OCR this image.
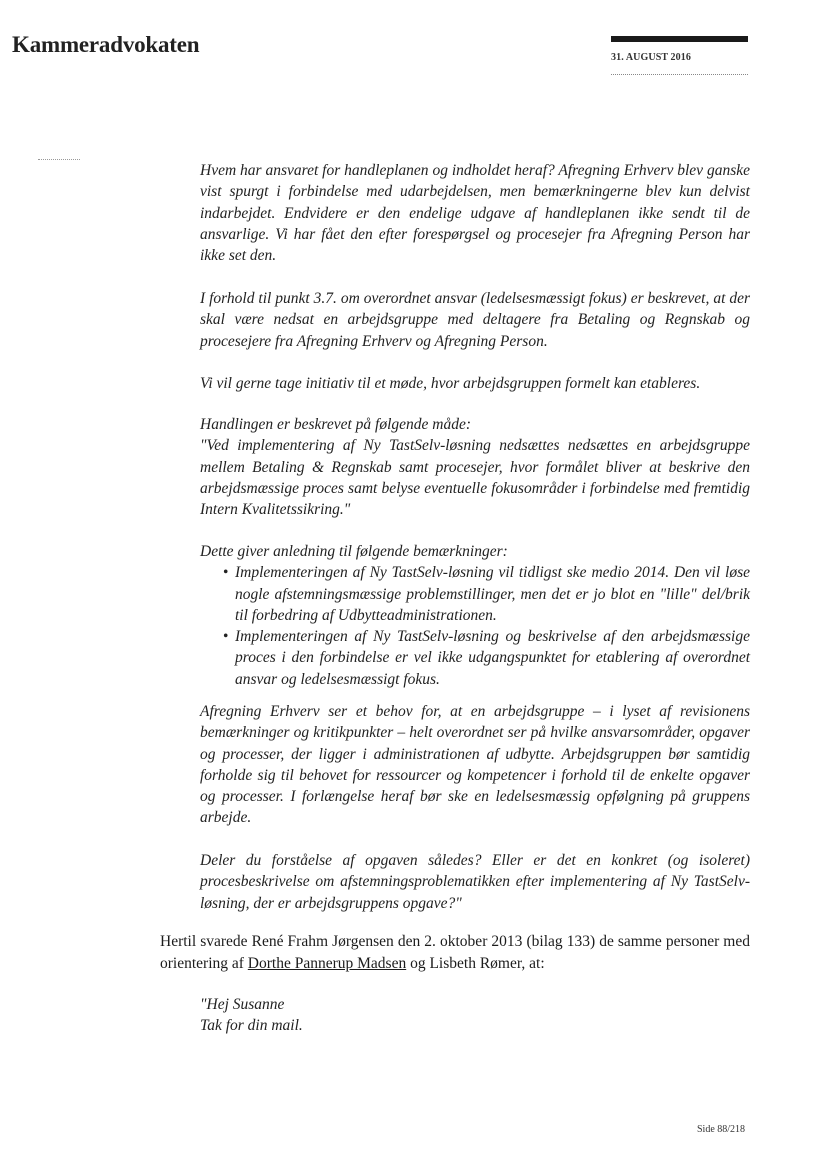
Kammeradvokaten
31. AUGUST 2016

Hvem har ansvaret for handleplanen og indholdet heraf? Afregning Erhverv blev ganske vist spurgt i forbindelse med udarbejdelsen, men bemærkningerne blev kun delvist indarbejdet. Endvidere er den endelige udgave af handleplanen ikke sendt til de ansvarlige. Vi har fået den efter forespørgsel og procesejer fra Afregning Person har ikke set den.

I forhold til punkt 3.7. om overordnet ansvar (ledelsesmæssigt fokus) er beskrevet, at der skal være nedsat en arbejdsgruppe med deltagere fra Betaling og Regnskab og procesejere fra Afregning Erhverv og Afregning Person.

Vi vil gerne tage initiativ til et møde, hvor arbejdsgruppen formelt kan etableres.

Handlingen er beskrevet på følgende måde:

"Ved implementering af Ny TastSelv-løsning nedsættes nedsættes en arbejdsgruppe mellem Betaling & Regnskab samt procesejer, hvor formålet bliver at beskrive den arbejdsmæssige proces samt belyse eventuelle fokusområder i forbindelse med fremtidig Intern Kvalitetssikring."

Dette giver anledning til følgende bemærkninger:

• Implementeringen af Ny TastSelv-løsning vil tidligst ske medio 2014. Den vil løse nogle afstemningsmæssige problemstillinger, men det er jo blot en "lille" del/brik til forbedring af Udbytteadministrationen.
• Implementeringen af Ny TastSelv-løsning og beskrivelse af den arbejdsmæssige proces i den forbindelse er vel ikke udgangspunktet for etablering af overordnet ansvar og ledelsesmæssigt fokus.

Afregning Erhverv ser et behov for, at en arbejdsgruppe – i lyset af revisionens bemærkninger og kritikpunkter – helt overordnet ser på hvilke ansvarsområder, opgaver og processer, der ligger i administrationen af udbytte. Arbejdsgruppen bør samtidig forholde sig til behovet for ressourcer og kompetencer i forhold til de enkelte opgaver og processer. I forlængelse heraf bør ske en ledelsesmæssig opfølgning på gruppens arbejde.

Deler du forståelse af opgaven således? Eller er det en konkret (og isoleret) procesbeskrivelse om afstemningsproblematikken efter implementering af Ny TastSelv-løsning, der er arbejdsgruppens opgave?"

Hertil svarede René Frahm Jørgensen den 2. oktober 2013 (bilag 133) de samme personer med orientering af Dorthe Pannerup Madsen og Lisbeth Rømer, at:

"Hej Susanne

Tak for din mail.

Side 88/218
